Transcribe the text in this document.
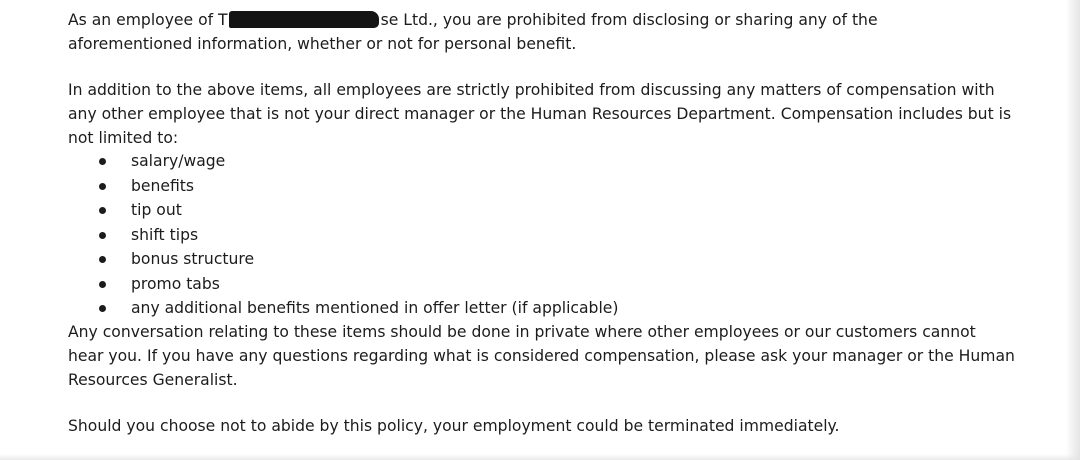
As an employee of T	se Ltd., you are prohibited from disclosing or sharing any of the
aforementioned information, whether or not for personal benefit.

In addition to the above items, all employees are strictly prohibited from discussing any matters of compensation with
any other employee that is not your direct manager or the Human Resources Department. Compensation includes but is
not limited to:

salary/wage
benefits
tip out
shift tips
bonus structure
promo tabs
any additional benefits mentioned in offer letter (if applicable)

Any conversation relating to these items should be done in private where other employees or our customers cannot
hear you. If you have any questions regarding what is considered compensation, please ask your manager or the Human
Resources Generalist.

Should you choose not to abide by this policy, your employment could be terminated immediately.
